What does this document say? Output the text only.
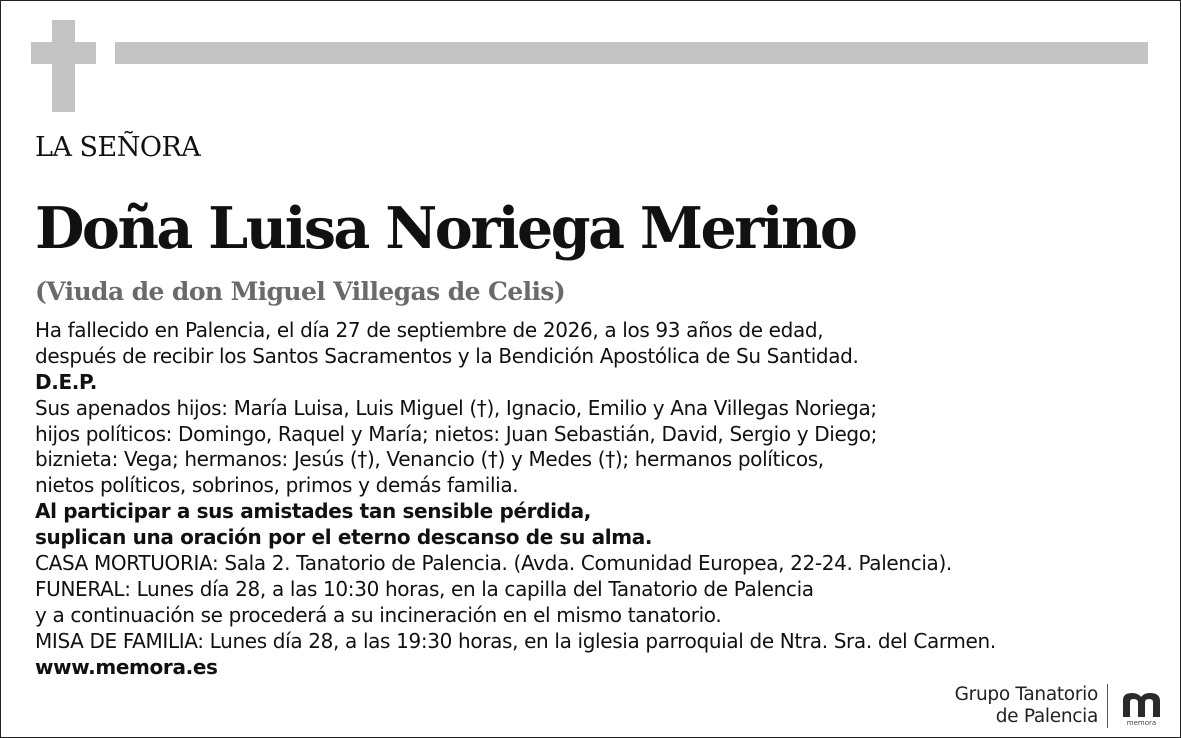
LA SEÑORA
Doña Luisa Noriega Merino
(Viuda de don Miguel Villegas de Celis)
Ha fallecido en Palencia, el día 27 de septiembre de 2026, a los 93 años de edad,
después de recibir los Santos Sacramentos y la Bendición Apostólica de Su Santidad.
D.E.P.
Sus apenados hijos: María Luisa, Luis Miguel (†), Ignacio, Emilio y Ana Villegas Noriega;
hijos políticos: Domingo, Raquel y María; nietos: Juan Sebastián, David, Sergio y Diego;
biznieta: Vega; hermanos: Jesús (†), Venancio (†) y Medes (†); hermanos políticos,
nietos políticos, sobrinos, primos y demás familia.
Al participar a sus amistades tan sensible pérdida,
suplican una oración por el eterno descanso de su alma.
CASA MORTUORIA: Sala 2. Tanatorio de Palencia. (Avda. Comunidad Europea, 22-24. Palencia).
FUNERAL: Lunes día 28, a las 10:30 horas, en la capilla del Tanatorio de Palencia
y a continuación se procederá a su incineración en el mismo tanatorio.
MISA DE FAMILIA: Lunes día 28, a las 19:30 horas, en la iglesia parroquial de Ntra. Sra. del Carmen.
www.memora.es
Grupo Tanatorio
de Palencia	memora
